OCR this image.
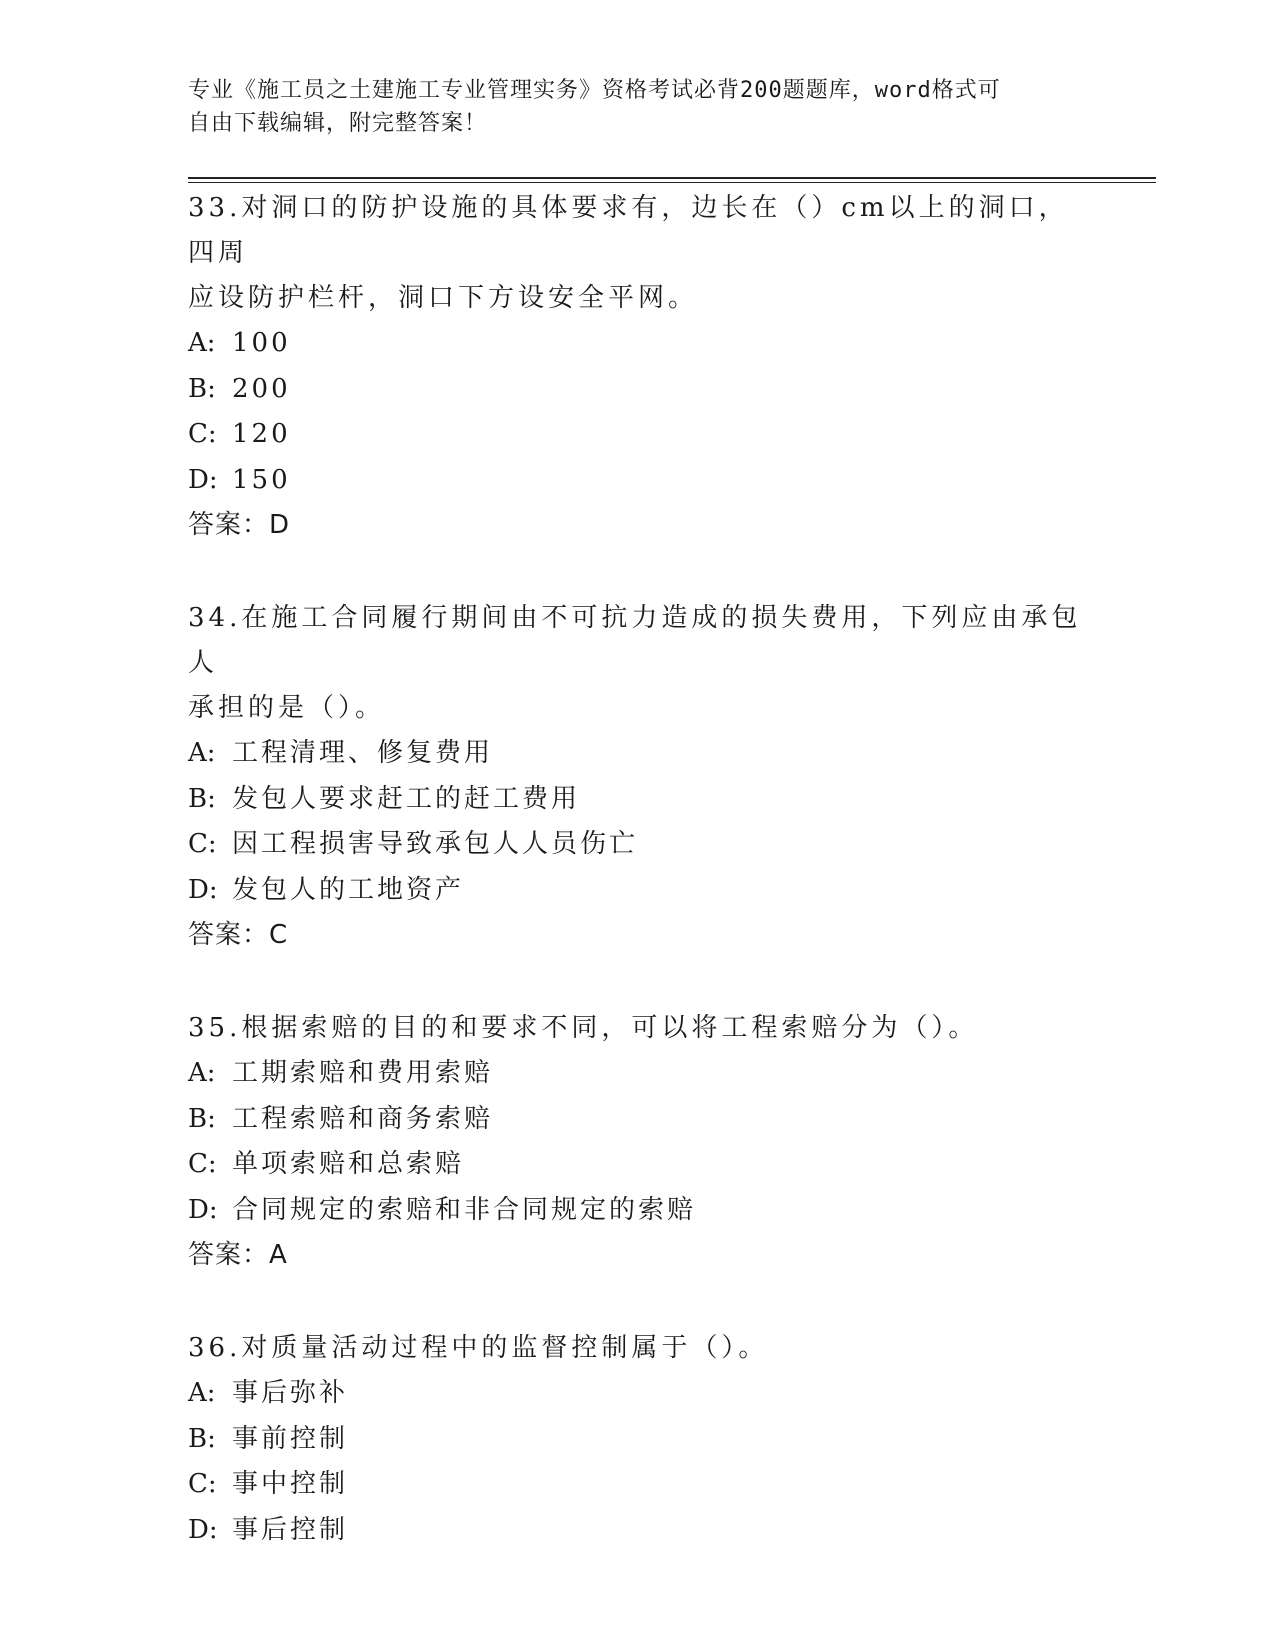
专业《施工员之土建施工专业管理实务》资格考试必背200题题库，word格式可
自由下载编辑，附完整答案！

33.对洞口的防护设施的具体要求有，边长在（）cm以上的洞口，四周
应设防护栏杆，洞口下方设安全平网。

A: 100

B: 200

C: 120

D: 150

答案：D

34.在施工合同履行期间由不可抗力造成的损失费用，下列应由承包人
承担的是（）。

A: 工程清理、修复费用

B: 发包人要求赶工的赶工费用

C: 因工程损害导致承包人人员伤亡

D: 发包人的工地资产

答案：C

35.根据索赔的目的和要求不同，可以将工程索赔分为（）。

A: 工期索赔和费用索赔

B: 工程索赔和商务索赔

C: 单项索赔和总索赔

D: 合同规定的索赔和非合同规定的索赔

答案：A

36.对质量活动过程中的监督控制属于（）。

A: 事后弥补

B: 事前控制

C: 事中控制

D: 事后控制
